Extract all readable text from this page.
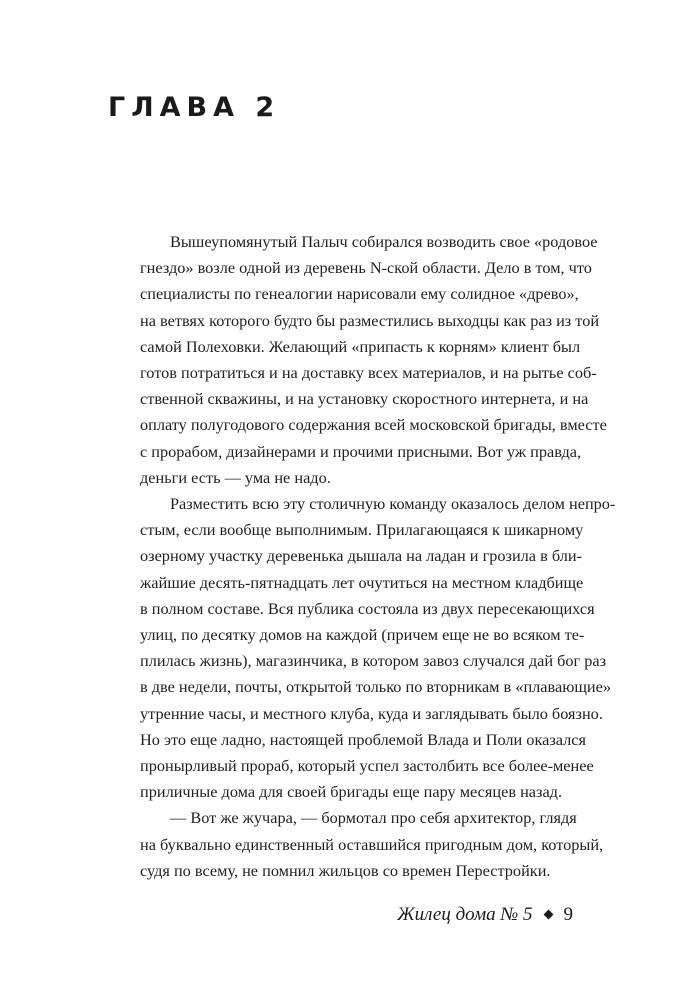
ГЛАВА 2

Вышеупомянутый Палыч собирался возводить свое «родовое
гнездо» возле одной из деревень N-ской области. Дело в том, что
специалисты по генеалогии нарисовали ему солидное «древо»,
на ветвях которого будто бы разместились выходцы как раз из той
самой Полеховки. Желающий «припасть к корням» клиент был
готов потратиться и на доставку всех материалов, и на рытье соб-
ственной скважины, и на установку скоростного интернета, и на
оплату полугодового содержания всей московской бригады, вместе
с прорабом, дизайнерами и прочими присными. Вот уж правда,
деньги есть — ума не надо.

Разместить всю эту столичную команду оказалось делом непро-
стым, если вообще выполнимым. Прилагающаяся к шикарному
озерному участку деревенька дышала на ладан и грозила в бли-
жайшие десять-пятнадцать лет очутиться на местном кладбище
в полном составе. Вся публика состояла из двух пересекающихся
улиц, по десятку домов на каждой (причем еще не во всяком те-
плилась жизнь), магазинчика, в котором завоз случался дай бог раз
в две недели, почты, открытой только по вторникам в «плавающие»
утренние часы, и местного клуба, куда и заглядывать было боязно.
Но это еще ладно, настоящей проблемой Влада и Поли оказался
пронырливый прораб, который успел застолбить все более-менее
приличные дома для своей бригады еще пару месяцев назад.

— Вот же жучара, — бормотал про себя архитектор, глядя
на буквально единственный оставшийся пригодным дом, который,
судя по всему, не помнил жильцов со времен Перестройки.

Жилец дома № 5 9
